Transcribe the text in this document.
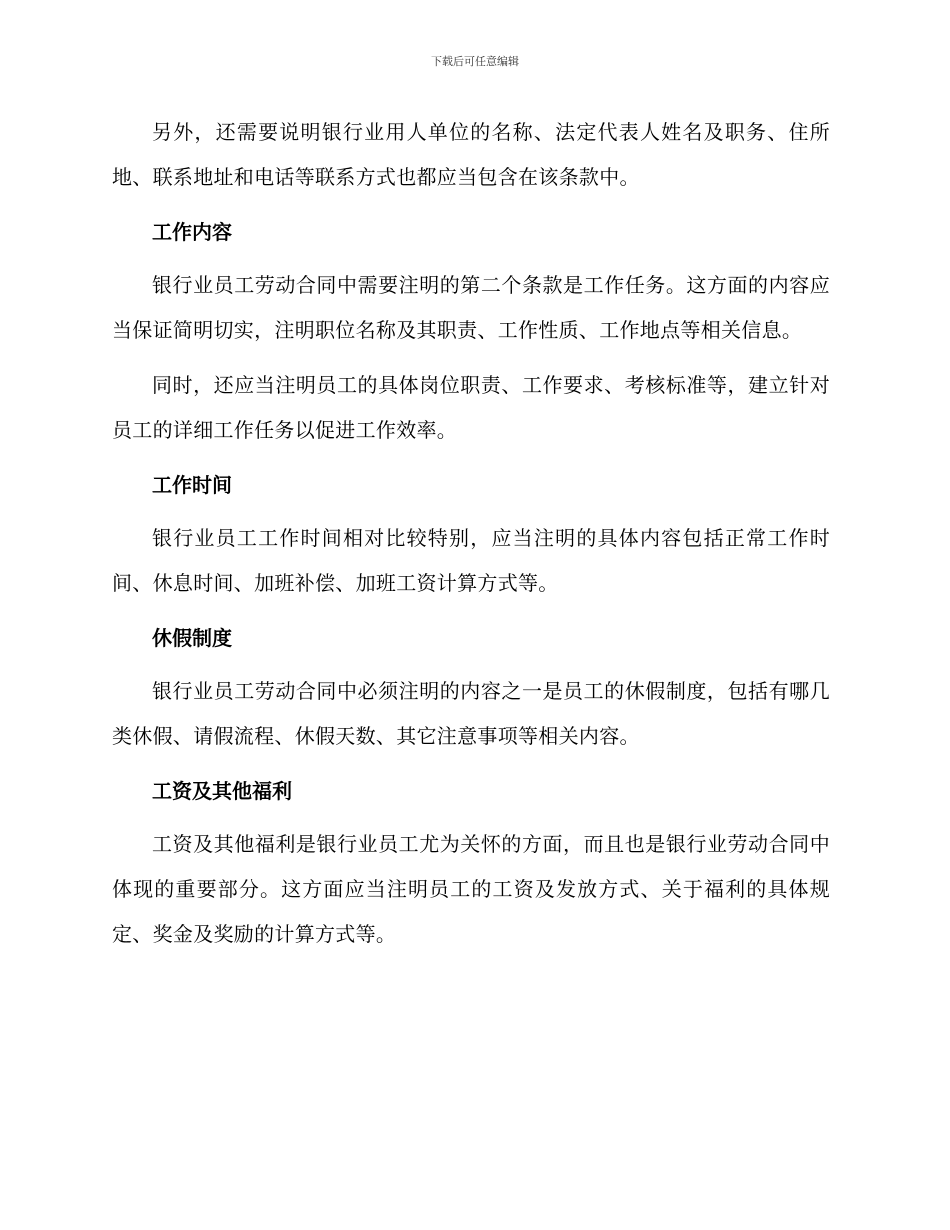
下载后可任意编辑

另外，还需要说明银行业用人单位的名称、法定代表人姓名及职务、住所地、联系地址和电话等联系方式也都应当包含在该条款中。

工作内容

银行业员工劳动合同中需要注明的第二个条款是工作任务。这方面的内容应当保证简明切实，注明职位名称及其职责、工作性质、工作地点等相关信息。

同时，还应当注明员工的具体岗位职责、工作要求、考核标准等，建立针对员工的详细工作任务以促进工作效率。

工作时间

银行业员工工作时间相对比较特别，应当注明的具体内容包括正常工作时间、休息时间、加班补偿、加班工资计算方式等。

休假制度

银行业员工劳动合同中必须注明的内容之一是员工的休假制度，包括有哪几类休假、请假流程、休假天数、其它注意事项等相关内容。

工资及其他福利

工资及其他福利是银行业员工尤为关怀的方面，而且也是银行业劳动合同中体现的重要部分。这方面应当注明员工的工资及发放方式、关于福利的具体规定、奖金及奖励的计算方式等。
